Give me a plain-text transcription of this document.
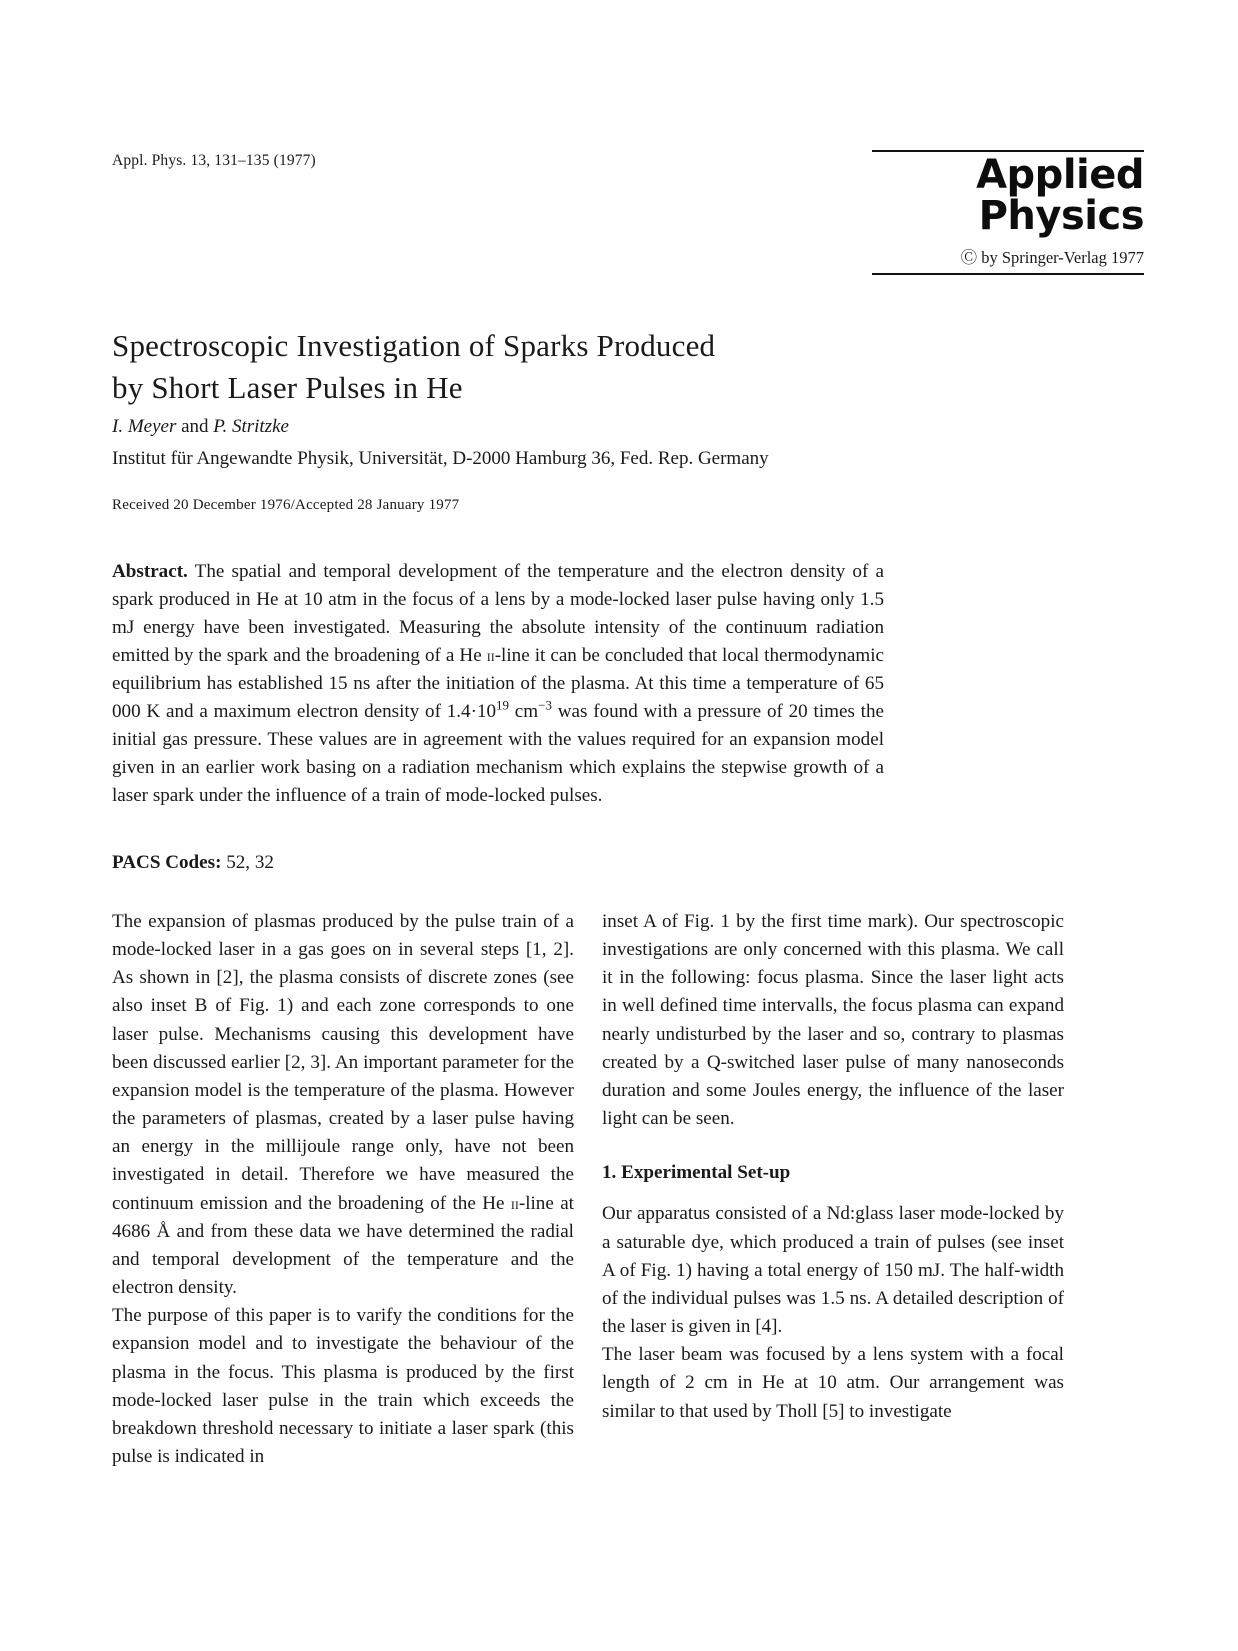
Appl. Phys. 13, 131–135 (1977)	Applied
Physics
Ⓒ by Springer-Verlag 1977
Spectroscopic Investigation of Sparks Produced
by Short Laser Pulses in He
I. Meyer and P. Stritzke
Institut für Angewandte Physik, Universität, D-2000 Hamburg 36, Fed. Rep. Germany
Received 20 December 1976/Accepted 28 January 1977
Abstract. The spatial and temporal development of the temperature and the electron density of a spark produced in He at 10 atm in the focus of a lens by a mode-locked laser pulse having only 1.5 mJ energy have been investigated. Measuring the absolute intensity of the continuum radiation emitted by the spark and the broadening of a He ii-line it can be concluded that local thermodynamic equilibrium has established 15 ns after the initiation of the plasma. At this time a temperature of 65 000 K and a maximum electron density of $1.4\cdot 10^{19}$ $cm^{-3}$ was found with a pressure of 20 times the initial gas pressure. These values are in agreement with the values required for an expansion model given in an earlier work basing on a radiation mechanism which explains the stepwise growth of a laser spark under the influence of a train of mode-locked pulses.
PACS Codes: 52, 32

The expansion of plasmas produced by the pulse train of a mode-locked laser in a gas goes on in several steps [1, 2]. As shown in [2], the plasma consists of discrete zones (see also inset B of Fig. 1) and each zone corresponds to one laser pulse. Mechanisms causing this development have been discussed earlier [2, 3]. An important parameter for the expansion model is the temperature of the plasma. However the parameters of plasmas, created by a laser pulse having an energy in the millijoule range only, have not been investigated in detail. Therefore we have measured the continuum emission and the broadening of the He ii-line at 4686 Å and from these data we have determined the radial and temporal development of the temperature and the electron density.

The purpose of this paper is to varify the conditions for the expansion model and to investigate the behaviour of the plasma in the focus. This plasma is produced by the first mode-locked laser pulse in the train which exceeds the breakdown threshold necessary to initiate a laser spark (this pulse is indicated in

inset A of Fig. 1 by the first time mark). Our spectroscopic investigations are only concerned with this plasma. We call it in the following: focus plasma. Since the laser light acts in well defined time intervalls, the focus plasma can expand nearly undisturbed by the laser and so, contrary to plasmas created by a Q-switched laser pulse of many nanoseconds duration and some Joules energy, the influence of the laser light can be seen.

1. Experimental Set-up

Our apparatus consisted of a Nd:glass laser mode-locked by a saturable dye, which produced a train of pulses (see inset A of Fig. 1) having a total energy of 150 mJ. The half-width of the individual pulses was 1.5 ns. A detailed description of the laser is given in [4].

The laser beam was focused by a lens system with a focal length of 2 cm in He at 10 atm. Our arrangement was similar to that used by Tholl [5] to investigate
